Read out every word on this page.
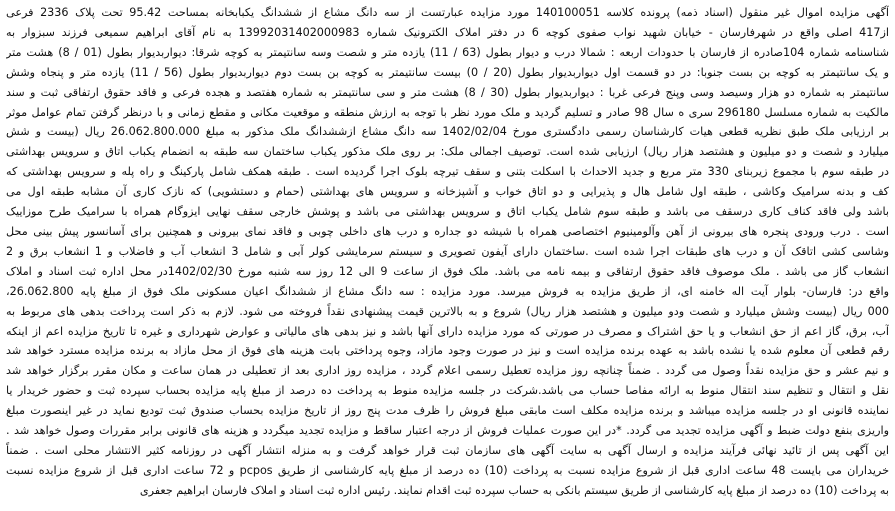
آگهی مزایده اموال غیر منقول (اسناد ذمه) پرونده کلاسه 140100051 مورد مزایده عبارتست از سه دانگ مشاع از ششدانگ یکبابخانه بمساحت 95.42 تحت پلاک 2336 فرعی
از417 اصلی واقع در شهرفارسان - خیابان شهید نواب صفوی کوچه 6 در دفتر املاک الکترونیک شماره 13992031402000983 به نام آقای ابراهیم سمیعی فرزند سبزوار به
شناسنامه شماره 104صادره از فارسان با حدودات اربعه : شمالا درب و دیوار بطول (63 / 11) یازده متر و شصت وسه سانتیمتر به کوچه شرقا: دیواربدیوار بطول (01 / 8) هشت متر
و یک سانتیمتر به کوچه بن بست جنوبا: در دو قسمت اول دیواربدیوار بطول (20 / 0) بیست سانتیمتر به کوچه بن بست دوم دیواربدیوار بطول (56 / 11) یازده متر و پنجاه وشش
سانتیمتر به شماره دو هزار وسیصد وسی وپنج فرعی غربا : دیواربدیوار بطول (30 / 8) هشت متر و سی سانتیمتر به شماره هفتصد و هجده فرعی و فاقد حقوق ارتفاقی ثبت و سند
مالکیت به شماره مسلسل 296180 سری ه سال 98 صادر و تسلیم گردید و ملک مورد نظر با توجه به ارزش منطقه و موقعیت مکانی و مقطع زمانی و با درنظر گرفتن تمام عوامل موثر
بر ارزیابی ملک طبق نظریه قطعی هیات کارشناسان رسمی دادگستری مورخ 1402/02/04 سه دانگ مشاع ازششدانگ ملک مذکور به مبلغ 26.062.800.000 ریال (بیست و شش
میلیارد و شصت و دو میلیون و هشتصد هزار ریال) ارزیابی شده است. توصیف اجمالی ملک: بر روی ملک مذکور یکباب ساختمان سه طبقه به انضمام یکباب اتاق و سرویس بهداشتی
در طبقه سوم با مجموع زیربنای 330 متر مربع و جدید الاحداث با اسکلت بتنی و سقف تیرچه بلوک اجرا گردیده است . طبقه همکف شامل پارکینگ و راه پله و سرویس بهداشتی که
کف و بدنه سرامیک وکاشی ، طبقه اول شامل هال و پذیرایی و دو اتاق خواب و آشپزخانه و سرویس های بهداشتی (حمام و دستشویی) که نازک کاری آن مشابه طبقه اول می
باشد ولی فاقد کناف کاری درسقف می باشد و طبقه سوم شامل یکباب اتاق و سرویس بهداشتی می باشد و پوشش خارجی سقف نهایی ایزوگام همراه با سرامیک طرح موزاییک
است . درب ورودی پنجره های بیرونی از آهن وآلومینیوم اختصاصی همراه با شیشه دو جداره و درب های داخلی چوبی و فاقد نمای بیرونی و همچنین برای آسانسور پیش بینی محل
وشاسی کشی اتاقک آن و درب های طبقات اجرا شده است .ساختمان دارای آیفون تصویری و سیستم سرمایشی کولر آبی و شامل 3 انشعاب آب و فاضلاب و 1 انشعاب برق و 2
انشعاب گاز می باشد . ملک موصوف فاقد حقوق ارتفاقی و بیمه نامه می باشد. ملک فوق از ساعت 9 الی 12 روز سه شنبه مورخ 1402/02/30در محل اداره ثبت اسناد و املاک
واقع در: فارسان- بلوار آیت اله خامنه ای، از طریق مزایده به فروش میرسد. مورد مزایده : سه دانگ مشاع از ششدانگ اعیان مسکونی ملک فوق از مبلغ پایه 26.062.800،
000 ریال (بیست وشش میلیارد و شصت ودو میلیون و هشتصد هزار ریال) شروع و به بالاترین قیمت پیشنهادی نقداً فروخته می شود. لازم به ذکر است پرداخت بدهی های مربوط به
آب، برق، گاز اعم از حق انشعاب و یا حق اشتراک و مصرف در صورتی که مورد مزایده دارای آنها باشد و نیز بدهی های مالیاتی و عوارض شهرداری و غیره تا تاریخ مزایده اعم از اینکه
رقم قطعی آن معلوم شده یا نشده باشد به عهده برنده مزایده است و نیز در صورت وجود مازاد، وجوه پرداختی بابت هزینه های فوق از محل مازاد به برنده مزایده مسترد خواهد شد
و نیم عشر و حق مزایده نقداً وصول می گردد . ضمناً چنانچه روز مزایده تعطیل رسمی اعلام گردد ، مزایده روز اداری بعد از تعطیلی در همان ساعت و مکان مقرر برگزار خواهد شد
نقل و انتقال و تنظیم سند انتقال منوط به ارائه مفاصا حساب می باشد.شرکت در جلسه مزایده منوط به پرداخت ده درصد از مبلغ پایه مزایده بحساب سپرده ثبت و حضور خریدار یا
نماینده قانونی او در جلسه مزایده میباشد و برنده مزایده مکلف است مابقی مبلغ فروش را ظرف مدت پنج روز از تاریخ مزایده بحساب صندوق ثبت تودیع نماید در غیر اینصورت مبلغ
واریزی بنفع دولت ضبط و آگهی مزایده تجدید می گردد. *در این صورت عملیات فروش از درجه اعتبار ساقط و مزایده تجدید میگردد و هزینه های قانونی برابر مقررات وصول خواهد شد .
این آگهی پس از تائید نهائی فرآیند مزایده و ارسال آگهی به سایت آگهی های سازمان ثبت قرار خواهد گرفت و به منزله انتشار آگهی در روزنامه کثیر الانتشار محلی است . ضمناً
خریداران می بایست 48 ساعت اداری قبل از شروع مزایده نسبت به پرداخت (10) ده درصد از مبلغ پایه کارشناسی از طریق pcpos و 72 ساعت اداری قبل از شروع مزایده نسبت
به پرداخت (10) ده درصد از مبلغ پایه کارشناسی از طریق سیستم بانکی به حساب سپرده ثبت اقدام نمایند. رئیس اداره ثبت اسناد و املاک فارسان ابراهیم جعفری
